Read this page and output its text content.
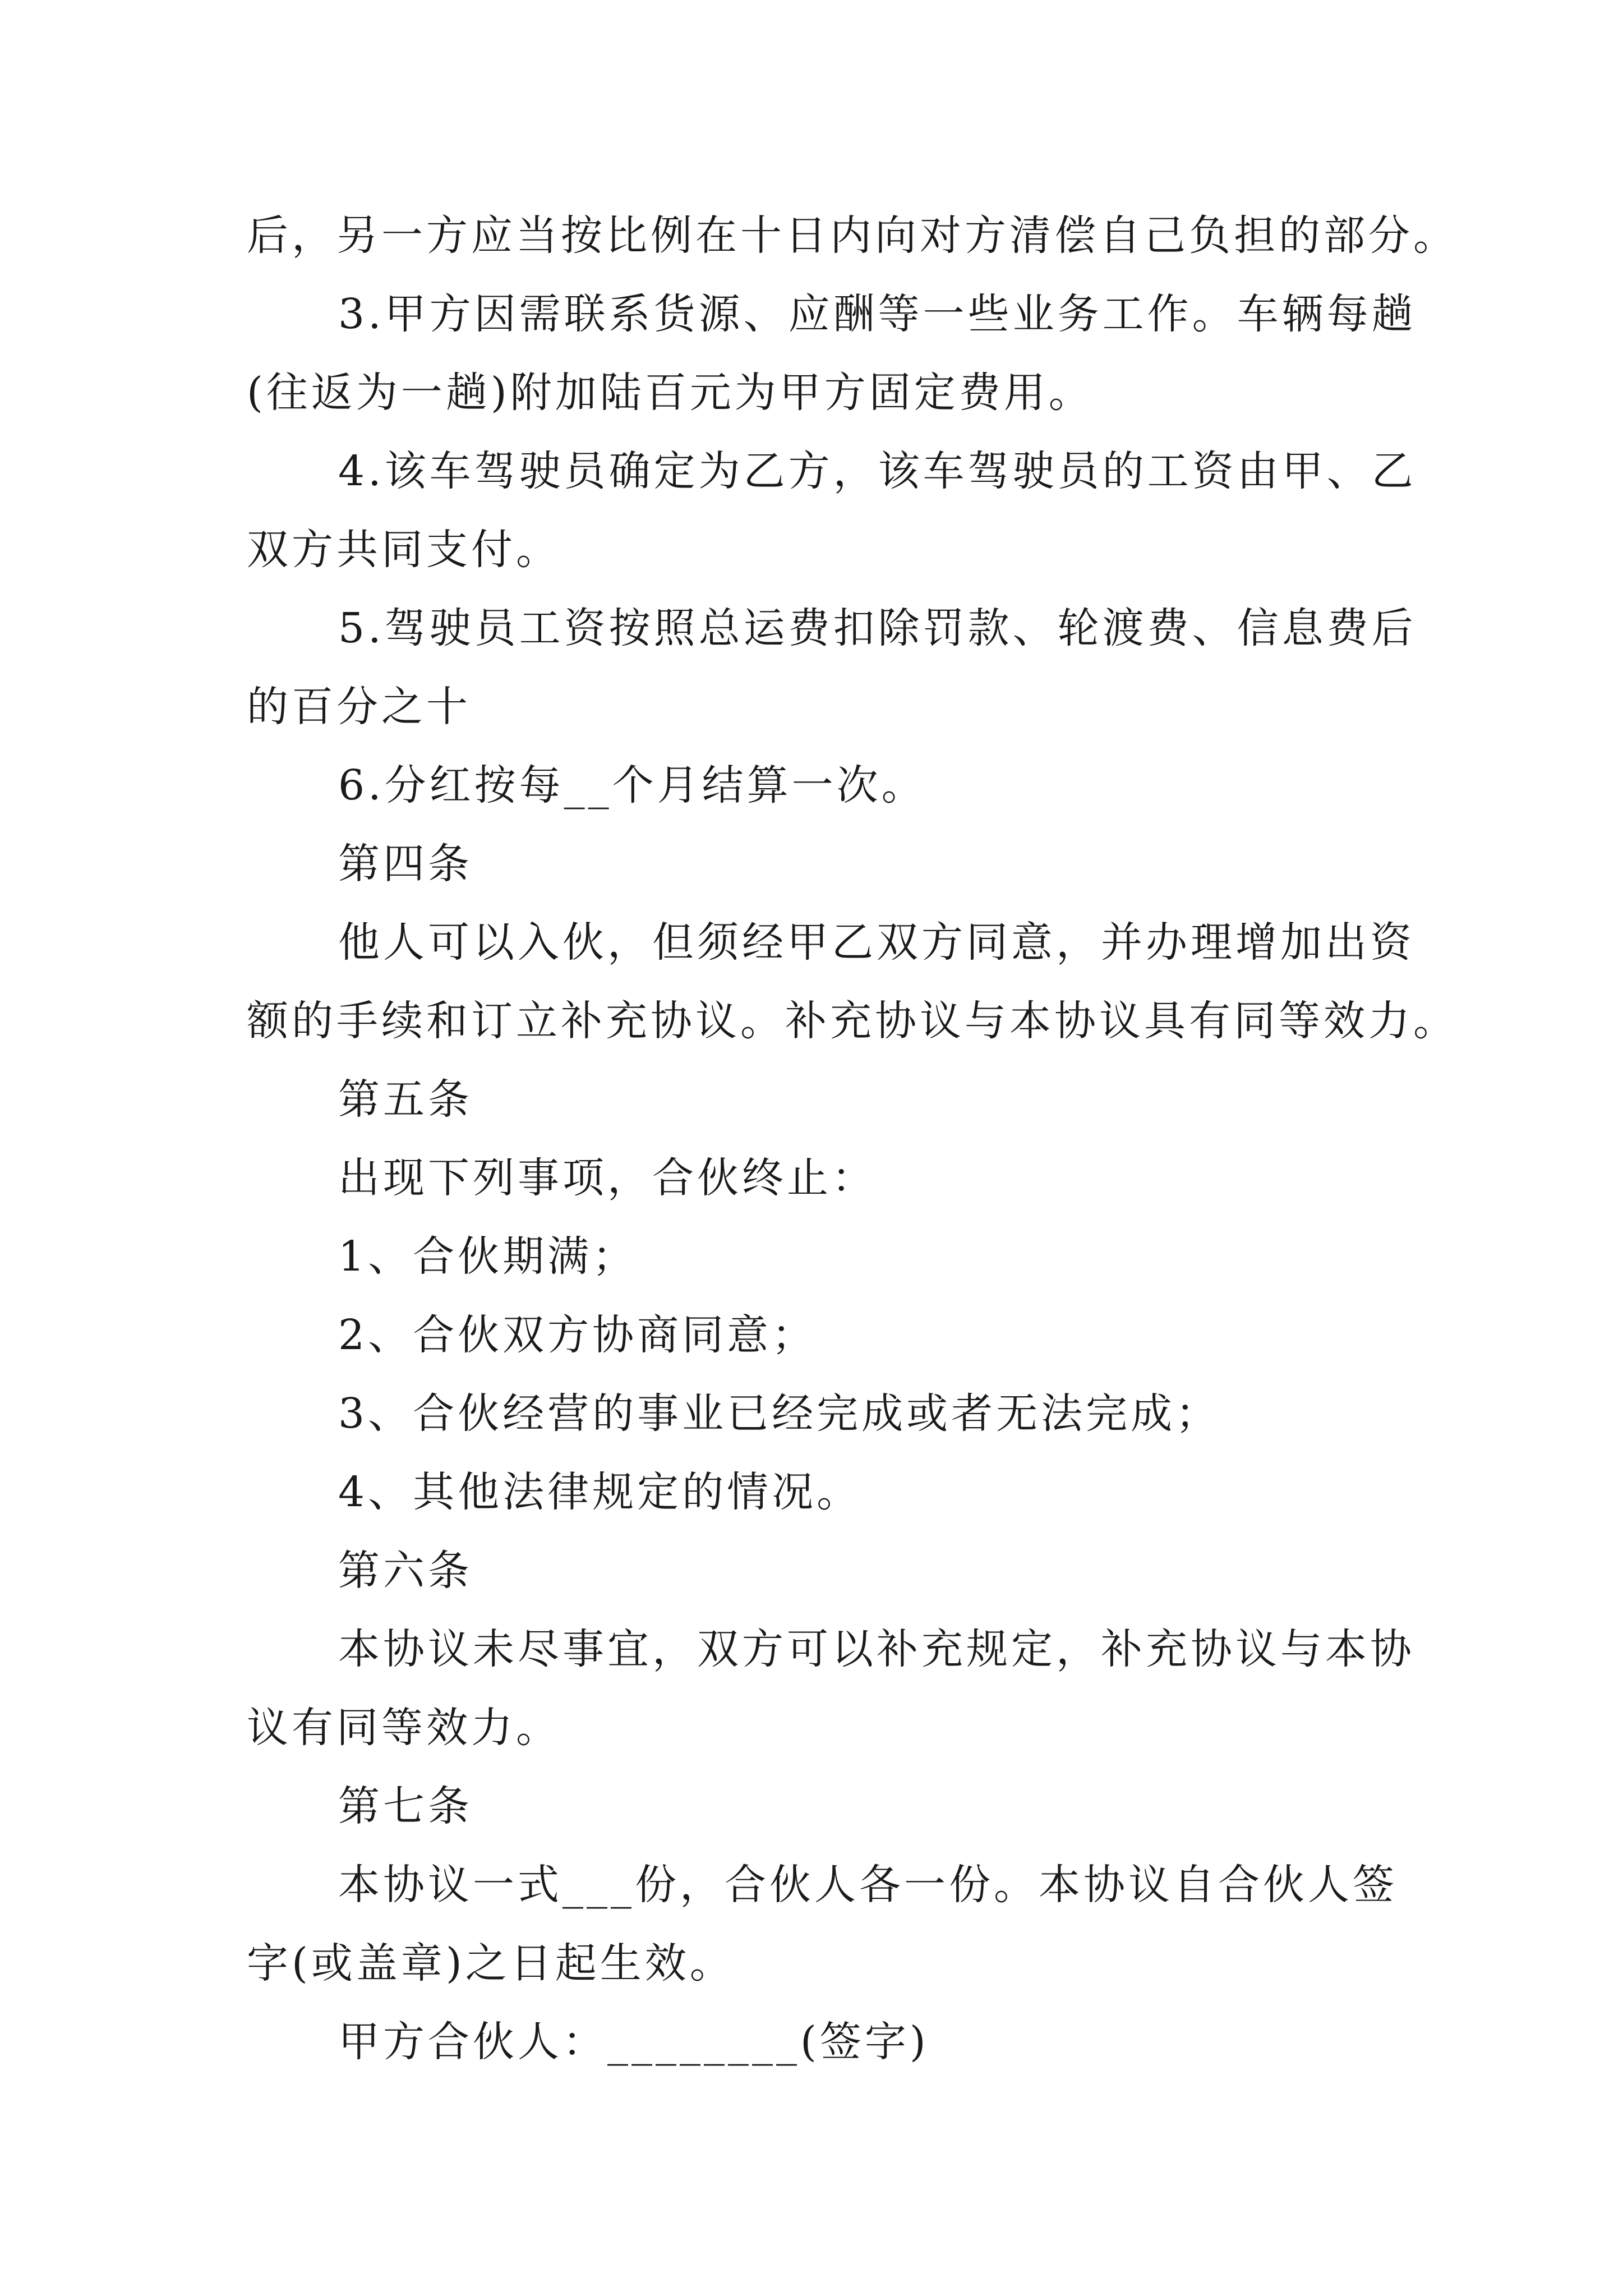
后，另一方应当按比例在十日内向对方清偿自己负担的部分。
3.甲方因需联系货源、应酬等一些业务工作。车辆每趟
(往返为一趟)附加陆百元为甲方固定费用。
4.该车驾驶员确定为乙方，该车驾驶员的工资由甲、乙
双方共同支付。
5.驾驶员工资按照总运费扣除罚款、轮渡费、信息费后
的百分之十
6.分红按每__个月结算一次。
第四条
他人可以入伙，但须经甲乙双方同意，并办理增加出资
额的手续和订立补充协议。补充协议与本协议具有同等效力。
第五条
出现下列事项，合伙终止：
1、合伙期满；
2、合伙双方协商同意；
3、合伙经营的事业已经完成或者无法完成；
4、其他法律规定的情况。
第六条
本协议未尽事宜，双方可以补充规定，补充协议与本协
议有同等效力。
第七条
本协议一式___份，合伙人各一份。本协议自合伙人签
字(或盖章)之日起生效。
甲方合伙人：________(签字)
